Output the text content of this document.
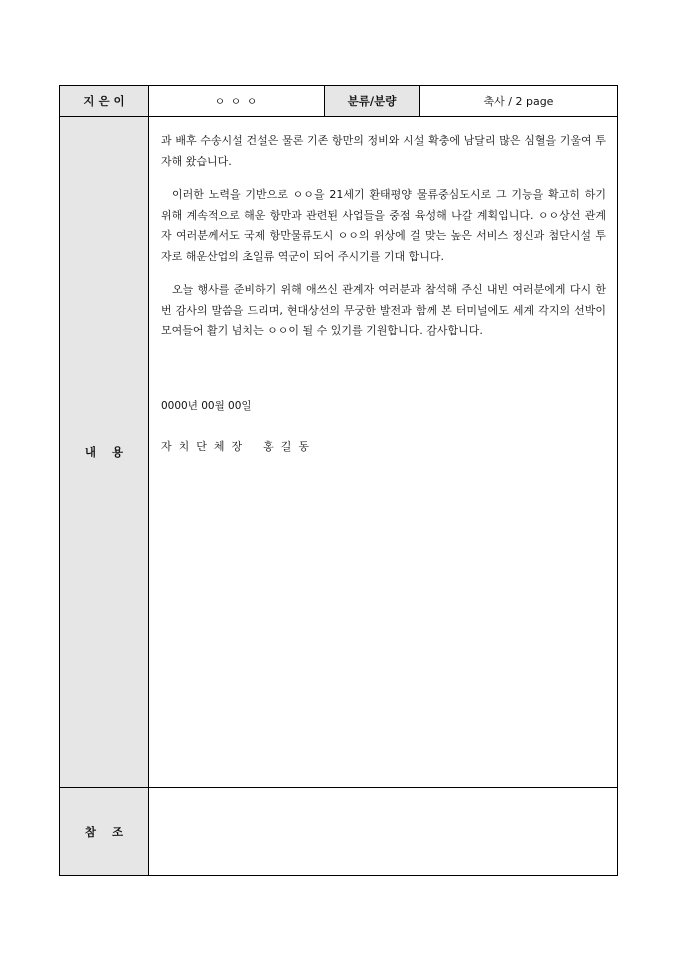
지 은 이	ㅇ ㅇ ㅇ	분류/분량	축사 / 2 page
내    용	과 배후 수송시설 건설은 물론 기존 항만의 정비와 시설 확충에 남달리 많은 심혈을 기울여 투자해 왔습니다.

이러한 노력을 기반으로 ㅇㅇ을 21세기 환태평양 물류중심도시로 그 기능을 확고히 하기 위해 계속적으로 해운 항만과 관련된 사업들을 중점 육성해 나갈 계획입니다. ㅇㅇ상선 관계자 여러분께서도 국제 항만물류도시 ㅇㅇ의 위상에 걸 맞는 높은 서비스 정신과 첨단시설 투자로 해운산업의 초일류 역군이 되어 주시기를 기대 합니다.

오늘 행사를 준비하기 위해 애쓰신 관계자 여러분과 참석해 주신 내빈 여러분에게 다시 한번 감사의 말씀을 드리며, 현대상선의 무궁한 발전과 함께 본 터미널에도 세계 각지의 선박이 모여들어 활기 넘치는 ㅇㅇ이 될 수 있기를 기원합니다. 감사합니다.

0000년 00월 00일
자치단체장 홍길동		

참    조			
